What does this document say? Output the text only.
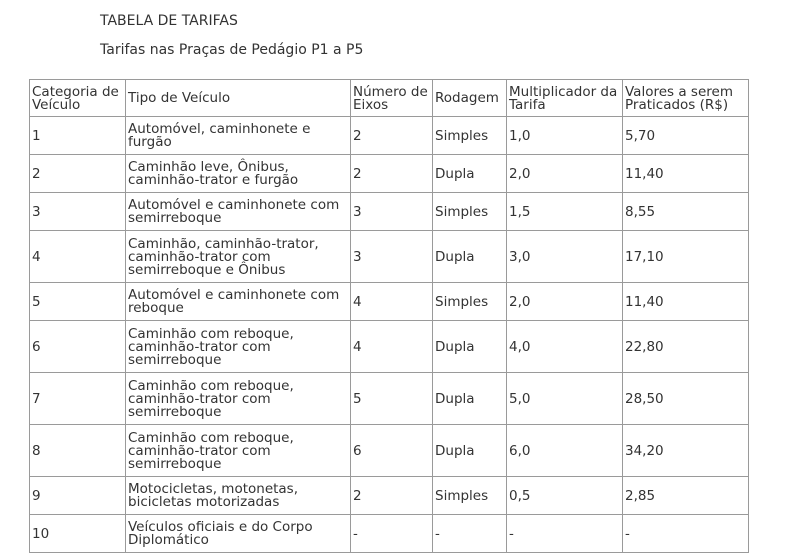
TABELA DE TARIFAS

Tarifas nas Praças de Pedágio P1 a P5

Categoria de Veículo	Tipo de Veículo	Número de Eixos	Rodagem	Multiplicador da Tarifa	Valores a serem Praticados (R$)
1	Automóvel, caminhonete e furgão	2	Simples	1,0	5,70
2	Caminhão leve, Ônibus, caminhão-trator e furgão	2	Dupla	2,0	11,40
3	Automóvel e caminhonete com semirreboque	3	Simples	1,5	8,55
4	Caminhão, caminhão-trator, caminhão-trator com semirreboque e Ônibus	3	Dupla	3,0	17,10
5	Automóvel e caminhonete com reboque	4	Simples	2,0	11,40
6	Caminhão com reboque, caminhão-trator com semirreboque	4	Dupla	4,0	22,80
7	Caminhão com reboque, caminhão-trator com semirreboque	5	Dupla	5,0	28,50
8	Caminhão com reboque, caminhão-trator com semirreboque	6	Dupla	6,0	34,20
9	Motocicletas, motonetas, bicicletas motorizadas	2	Simples	0,5	2,85
10	Veículos oficiais e do Corpo Diplomático	-	-	-	-
